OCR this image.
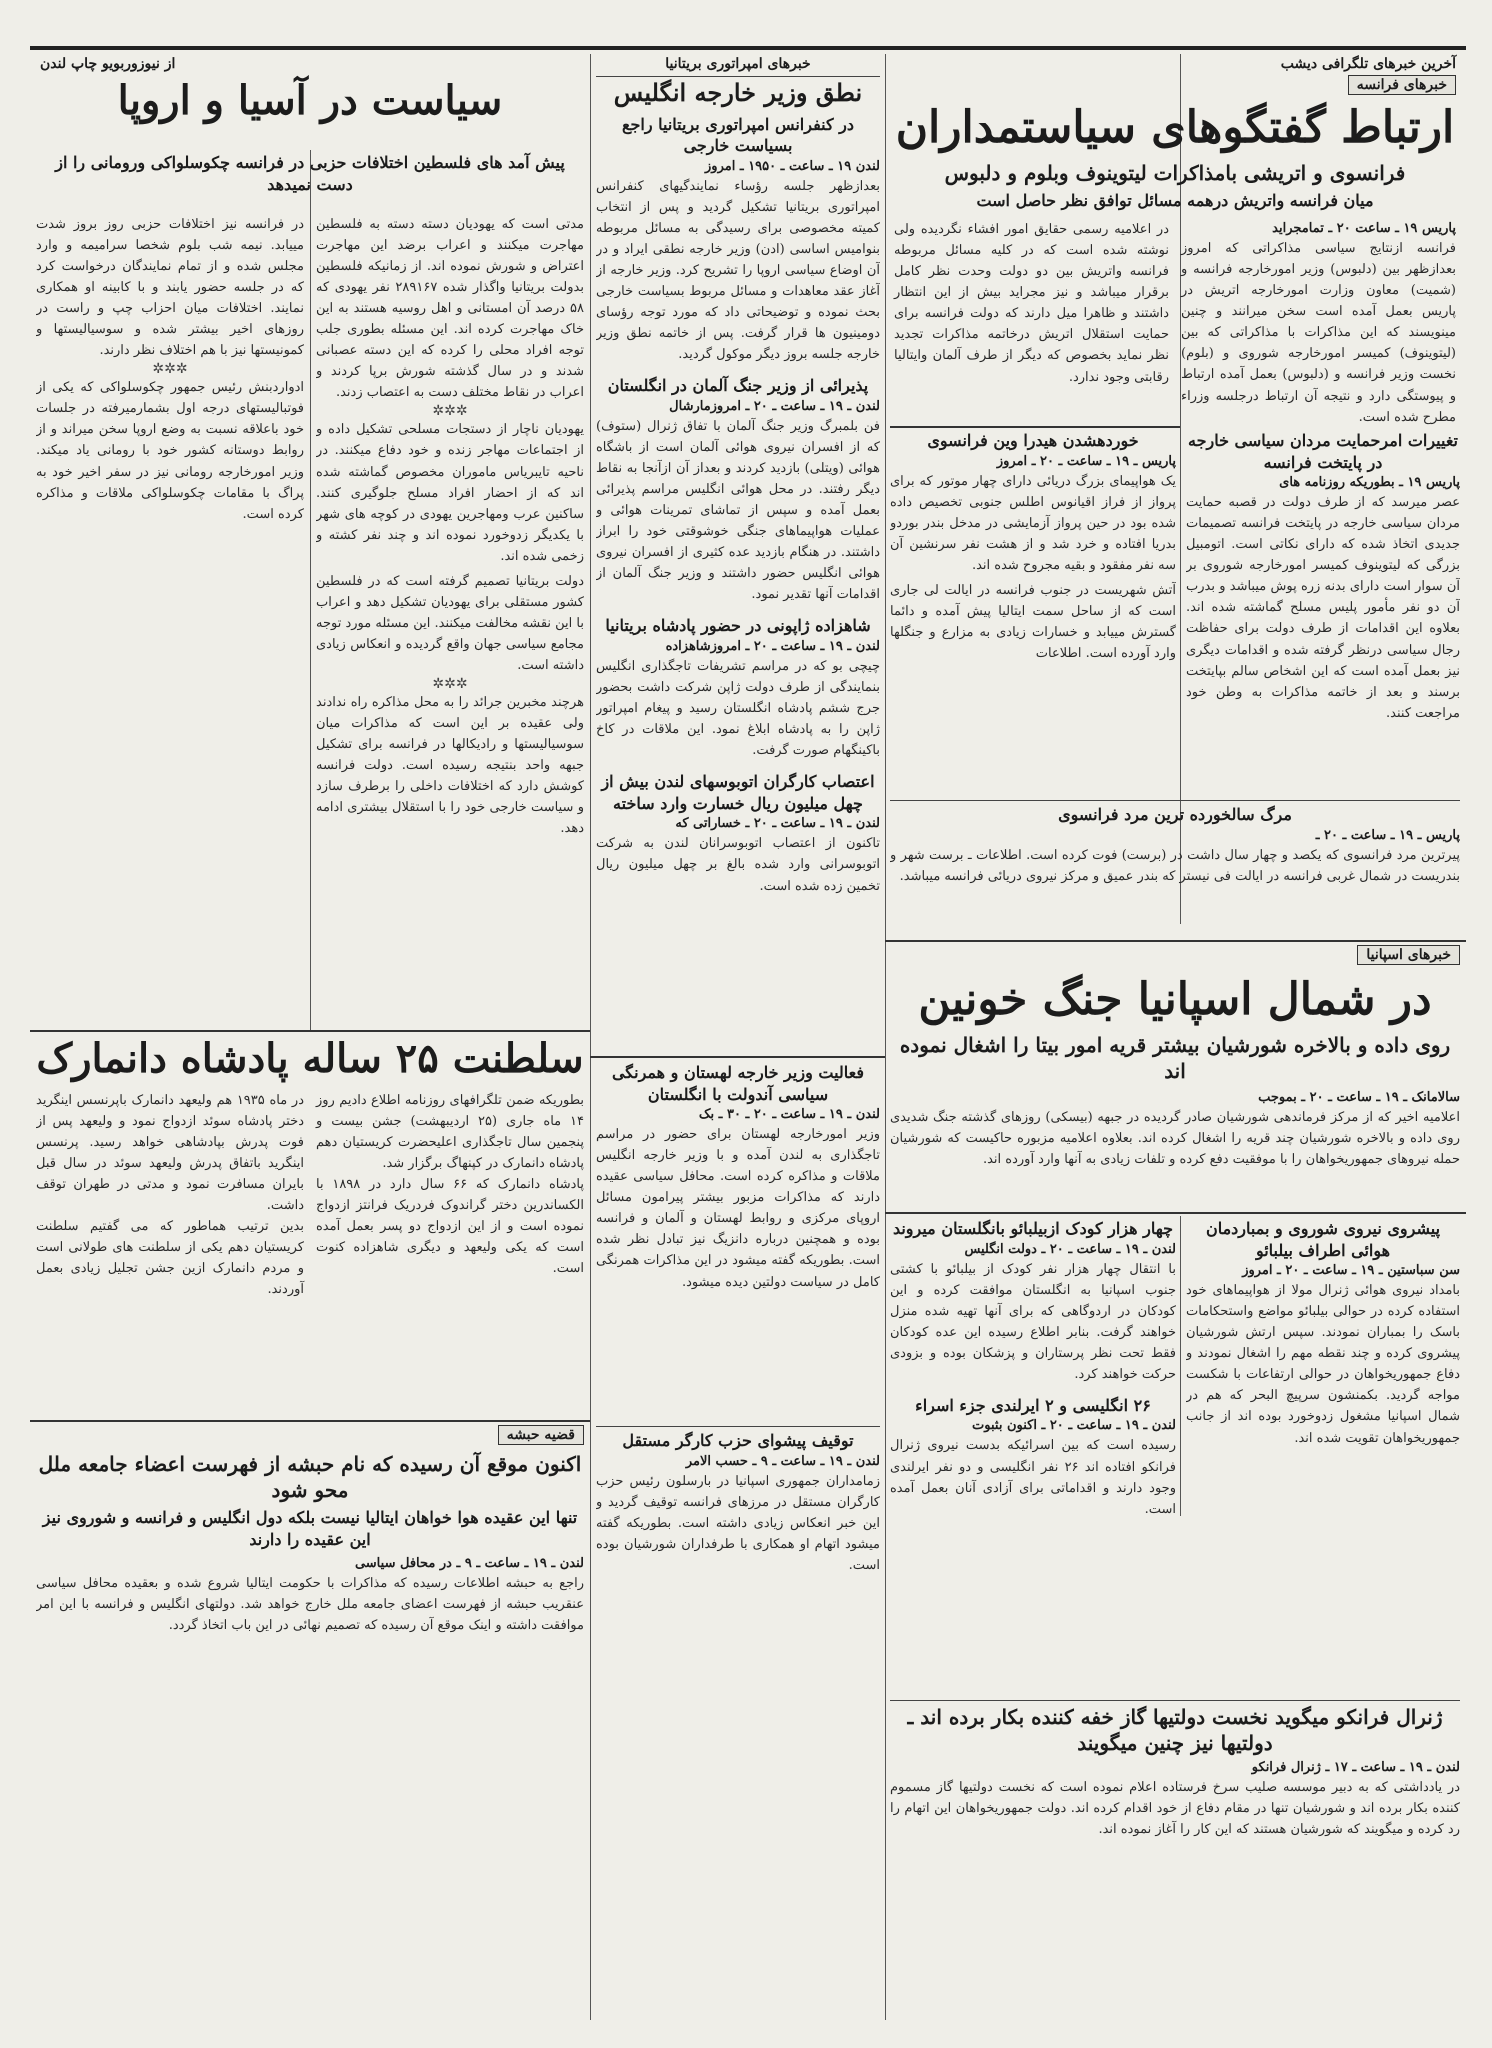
آخرین خبرهای تلگرافی دیشب
خبرهای فرانسه
ارتباط گفتگوهای سیاستمداران
فرانسوی و اتریشی بامذاکرات لیتوینوف وبلوم و دلبوس
میان فرانسه واتریش درهمه مسائل توافق نظر حاصل است
پاریس ۱۹ ـ ساعت ۲۰ ـ تمامجراید
فرانسه ازنتایج سیاسی مذاکراتی که امروز بعدازظهر بین (دلبوس) وزیر امورخارجه فرانسه و (شمیت) معاون وزارت امورخارجه اتریش در پاریس بعمل آمده است سخن میرانند و چنین مینویسند که این مذاکرات با مذاکراتی که بین (لیتوینوف) کمیسر امورخارجه شوروی و (بلوم) نخست وزیر فرانسه و (دلبوس) بعمل آمده ارتباط و پیوستگی دارد و نتیجه آن ارتباط درجلسه وزراء مطرح شده است.
در اعلامیه رسمی حقایق امور افشاء نگردیده ولی نوشته شده است که در کلیه مسائل مربوطه فرانسه واتریش بین دو دولت وحدت نظر کامل برقرار میباشد و نیز مجراید بیش از این انتظار داشتند و ظاهرا میل دارند که دولت فرانسه برای حمایت استقلال اتریش درخاتمه مذاکرات تجدید نظر نماید بخصوص که دیگر از طرف آلمان وایتالیا رقابتی وجود ندارد.
تغییرات امرحمایت مردان سیاسی خارجه در پایتخت فرانسه
پاریس ۱۹ ـ بطوریکه روزنامه های
عصر میرسد که از طرف دولت در قصبه حمایت مردان سیاسی خارجه در پایتخت فرانسه تصمیمات جدیدی اتخاذ شده که دارای نکاتی است. اتومبیل بزرگی که لیتوینوف کمیسر امورخارجه شوروی بر آن سوار است دارای بدنه زره پوش میباشد و بدرب آن دو نفر مأمور پلیس مسلح گماشته شده اند. بعلاوه این اقدامات از طرف دولت برای حفاظت رجال سیاسی درنظر گرفته شده و اقدامات دیگری نیز بعمل آمده است که این اشخاص سالم بپایتخت برسند و بعد از خاتمه مذاکرات به وطن خود مراجعت کنند.
خوردهشدن هیدرا وین فرانسوی
پاریس ـ ۱۹ ـ ساعت ـ ۲۰ ـ امروز
یک هواپیمای بزرگ دریائی دارای چهار موتور که برای پرواز از فراز اقیانوس اطلس جنوبی تخصیص داده شده بود در حین پرواز آزمایشی در مدخل بندر بوردو بدریا افتاده و خرد شد و از هشت نفر سرنشین آن سه نفر مفقود و بقیه مجروح شده اند.
آتش شهریست در جنوب فرانسه در ایالت لی جاری است که از ساحل سمت ایتالیا پیش آمده و دائما گسترش مییابد و خسارات زیادی به مزارع و جنگلها وارد آورده است. اطلاعات
مرگ سالخورده ترین مرد فرانسوی
پاریس ـ ۱۹ ـ ساعت ـ ۲۰ ـ
پیرترین مرد فرانسوی که یکصد و چهار سال داشت در (برست) فوت کرده است. اطلاعات ـ برست شهر و بندریست در شمال غربی فرانسه در ایالت فی نیستر که بندر عمیق و مرکز نیروی دریائی فرانسه میباشد.
خبرهای اسپانیا
در شمال اسپانیا جنگ خونین
روی داده و بالاخره شورشیان بیشتر قریه امور بیتا را اشغال نموده اند
سالامانک ـ ۱۹ ـ ساعت ـ ۲۰ ـ بموجب
اعلامیه اخیر که از مرکز فرماندهی شورشیان صادر گردیده در جبهه (بیسکی) روزهای گذشته جنگ شدیدی روی داده و بالاخره شورشیان چند قریه را اشغال کرده اند. بعلاوه اعلامیه مزبوره حاکیست که شورشیان حمله نیروهای جمهوریخواهان را با موفقیت دفع کرده و تلفات زیادی به آنها وارد آورده اند.
پیشروی نیروی شوروی و بمباردمان هوائی اطراف بیلبائو
سن سباستین ـ ۱۹ ـ ساعت ـ ۲۰ ـ امروز
بامداد نیروی هوائی ژنرال مولا از هواپیماهای خود استفاده کرده در حوالی بیلبائو مواضع واستحکامات باسک را بمباران نمودند. سپس ارتش شورشیان پیشروی کرده و چند نقطه مهم را اشغال نمودند و دفاع جمهوریخواهان در حوالی ارتفاعات با شکست مواجه گردید. بکمنشون سرپیچ البحر که هم در شمال اسپانیا مشغول زدوخورد بوده اند از جانب جمهوریخواهان تقویت شده اند.
چهار هزار کودک ازبیلبائو بانگلستان میروند
لندن ـ ۱۹ ـ ساعت ـ ۲۰ ـ دولت انگلیس
با انتقال چهار هزار نفر کودک از بیلبائو با کشتی جنوب اسپانیا به انگلستان موافقت کرده و این کودکان در اردوگاهی که برای آنها تهیه شده منزل خواهند گرفت. بنابر اطلاع رسیده این عده کودکان فقط تحت نظر پرستاران و پزشکان بوده و بزودی حرکت خواهند کرد.
۲۶ انگلیسی و ۲ ایرلندی جزء اسراء
لندن ـ ۱۹ ـ ساعت ـ ۲۰ ـ اکنون بثبوت
رسیده است که بین اسرائیکه بدست نیروی ژنرال فرانکو افتاده اند ۲۶ نفر انگلیسی و دو نفر ایرلندی وجود دارند و اقداماتی برای آزادی آنان بعمل آمده است.
ژنرال فرانکو میگوید نخست دولتیها گاز خفه کننده بکار برده اند ـ دولتیها نیز چنین میگویند
لندن ـ ۱۹ ـ ساعت ـ ۱۷ ـ ژنرال فرانکو
در یادداشتی که به دبیر موسسه صلیب سرخ فرستاده اعلام نموده است که نخست دولتیها گاز مسموم کننده بکار برده اند و شورشیان تنها در مقام دفاع از خود اقدام کرده اند. دولت جمهوریخواهان این اتهام را رد کرده و میگویند که شورشیان هستند که این کار را آغاز نموده اند.
خبرهای امپراتوری بریتانیا
نطق وزیر خارجه انگلیس
در کنفرانس امپراتوری بریتانیا راجع بسیاست خارجی
لندن ۱۹ ـ ساعت ـ ۱۹۵۰ ـ امروز
بعدازظهر جلسه رؤساء نمایندگیهای کنفرانس امپراتوری بریتانیا تشکیل گردید و پس از انتخاب کمیته مخصوصی برای رسیدگی به مسائل مربوطه بنوامیس اساسی (ادن) وزیر خارجه نطقی ایراد و در آن اوضاع سیاسی اروپا را تشریح کرد. وزیر خارجه از آغاز عقد معاهدات و مسائل مربوط بسیاست خارجی بحث نموده و توضیحاتی داد که مورد توجه رؤسای دومینیون ها قرار گرفت. پس از خاتمه نطق وزیر خارجه جلسه بروز دیگر موکول گردید.
پذیرائی از وزیر جنگ آلمان در انگلستان
لندن ـ ۱۹ ـ ساعت ـ ۲۰ ـ امروزمارشال
فن بلمبرگ وزیر جنگ آلمان با تفاق ژنرال (ستوف) که از افسران نیروی هوائی آلمان است از باشگاه هوائی (ویتلی) بازدید کردند و بعداز آن ازآنجا به نقاط دیگر رفتند. در محل هوائی انگلیس مراسم پذیرائی بعمل آمده و سپس از تماشای تمرینات هوائی و عملیات هواپیماهای جنگی خوشوقتی خود را ابراز داشتند. در هنگام بازدید عده کثیری از افسران نیروی هوائی انگلیس حضور داشتند و وزیر جنگ آلمان از اقدامات آنها تقدیر نمود.
شاهزاده ژاپونی در حضور پادشاه بریتانیا
لندن ـ ۱۹ ـ ساعت ـ ۲۰ ـ امروزشاهزاده
چیچی بو که در مراسم تشریفات تاجگذاری انگلیس بنمایندگی از طرف دولت ژاپن شرکت داشت بحضور جرج ششم پادشاه انگلستان رسید و پیغام امپراتور ژاپن را به پادشاه ابلاغ نمود. این ملاقات در کاخ باکینگهام صورت گرفت.
اعتصاب کارگران اتوبوسهای لندن بیش از چهل میلیون ریال خسارت وارد ساخته
لندن ـ ۱۹ ـ ساعت ـ ۲۰ ـ خساراتی که
تاکنون از اعتصاب اتوبوسرانان لندن به شرکت اتوبوسرانی وارد شده بالغ بر چهل میلیون ریال تخمین زده شده است.
فعالیت وزیر خارجه لهستان و همرنگی سیاسی آندولت با انگلستان
لندن ـ ۱۹ ـ ساعت ـ ۲۰ ـ ۳۰ ـ بک
وزیر امورخارجه لهستان برای حضور در مراسم تاجگذاری به لندن آمده و با وزیر خارجه انگلیس ملاقات و مذاکره کرده است. محافل سیاسی عقیده دارند که مذاکرات مزبور بیشتر پیرامون مسائل اروپای مرکزی و روابط لهستان و آلمان و فرانسه بوده و همچنین درباره دانزیگ نیز تبادل نظر شده است. بطوریکه گفته میشود در این مذاکرات همرنگی کامل در سیاست دولتین دیده میشود.
توقیف پیشوای حزب کارگر مستقل
لندن ـ ۱۹ ـ ساعت ـ ۹ ـ حسب الامر
زمامداران جمهوری اسپانیا در بارسلون رئیس حزب کارگران مستقل در مرزهای فرانسه توقیف گردید و این خبر انعکاس زیادی داشته است. بطوریکه گفته میشود اتهام او همکاری با طرفداران شورشیان بوده است.
از نیوزوربویو چاپ لندن
سیاست در آسیا و اروپا
پیش آمد های فلسطین اختلافات حزبی در فرانسه چکوسلواکی ورومانی را از دست نمیدهد
مدتی است که یهودیان دسته دسته به فلسطین مهاجرت میکنند و اعراب برضد این مهاجرت اعتراض و شورش نموده اند. از زمانیکه فلسطین بدولت بریتانیا واگذار شده ۲۸۹۱۶۷ نفر یهودی که ۵۸ درصد آن امستانی و اهل روسیه هستند به این خاک مهاجرت کرده اند. این مسئله بطوری جلب توجه افراد محلی را کرده که این دسته عصبانی شدند و در سال گذشته شورش برپا کردند و اعراب در نقاط مختلف دست به اعتصاب زدند.
✲✲✲
یهودیان ناچار از دستجات مسلحی تشکیل داده و از اجتماعات مهاجر زنده و خود دفاع میکنند. در ناحیه تایبریاس ماموران مخصوص گماشته شده اند که از احضار افراد مسلح جلوگیری کنند. ساکنین عرب ومهاجرین یهودی در کوچه های شهر با یکدیگر زدوخورد نموده اند و چند نفر کشته و زخمی شده اند.
دولت بریتانیا تصمیم گرفته است که در فلسطین کشور مستقلی برای یهودیان تشکیل دهد و اعراب با این نقشه مخالفت میکنند. این مسئله مورد توجه مجامع سیاسی جهان واقع گردیده و انعکاس زیادی داشته است.
✲✲✲
هرچند مخبرین جرائد را به محل مذاکره راه ندادند ولی عقیده بر این است که مذاکرات میان سوسیالیستها و رادیکالها در فرانسه برای تشکیل جبهه واحد بنتیجه رسیده است. دولت فرانسه کوشش دارد که اختلافات داخلی را برطرف سازد و سیاست خارجی خود را با استقلال بیشتری ادامه دهد.
در فرانسه نیز اختلافات حزبی روز بروز شدت مییابد. نیمه شب بلوم شخصا سرامیمه و وارد مجلس شده و از تمام نمایندگان درخواست کرد که در جلسه حضور یابند و با کابینه او همکاری نمایند. اختلافات میان احزاب چپ و راست در روزهای اخیر بیشتر شده و سوسیالیستها و کمونیستها نیز با هم اختلاف نظر دارند.
✲✲✲
ادواردبنش رئیس جمهور چکوسلواکی که یکی از فوتبالیستهای درجه اول بشمارمیرفته در جلسات خود باعلاقه نسبت به وضع اروپا سخن میراند و از روابط دوستانه کشور خود با رومانی یاد میکند. وزیر امورخارجه رومانی نیز در سفر اخیر خود به پراگ با مقامات چکوسلواکی ملاقات و مذاکره کرده است.
سلطنت ۲۵ ساله پادشاه دانمارک
بطوریکه ضمن تلگرافهای روزنامه اطلاع دادیم روز ۱۴ ماه جاری (۲۵ اردیبهشت) جشن بیست و پنجمین سال تاجگذاری اعلیحضرت کریستیان دهم پادشاه دانمارک در کپنهاگ برگزار شد.
پادشاه دانمارک که ۶۶ سال دارد در ۱۸۹۸ با الکساندرین دختر گراندوک فردریک فرانتز ازدواج نموده است و از این ازدواج دو پسر بعمل آمده است که یکی ولیعهد و دیگری شاهزاده کنوت است.
در ماه ۱۹۳۵ هم ولیعهد دانمارک باپرنسس اینگرید دختر پادشاه سوئد ازدواج نمود و ولیعهد پس از فوت پدرش بپادشاهی خواهد رسید. پرنسس اینگرید باتفاق پدرش ولیعهد سوئد در سال قبل بایران مسافرت نمود و مدتی در طهران توقف داشت.
بدین ترتیب هماطور که می گفتیم سلطنت کریستیان دهم یکی از سلطنت های طولانی است و مردم دانمارک ازین جشن تجلیل زیادی بعمل آوردند.
قضیه حبشه
اکنون موقع آن رسیده که نام حبشه از فهرست اعضاء جامعه ملل محو شود
تنها این عقیده هوا خواهان ایتالیا نیست بلکه دول انگلیس و فرانسه و شوروی نیز این عقیده را دارند
لندن ـ ۱۹ ـ ساعت ـ ۹ ـ در محافل سیاسی
راجع به حبشه اطلاعات رسیده که مذاکرات با حکومت ایتالیا شروع شده و بعقیده محافل سیاسی عنقریب حبشه از فهرست اعضای جامعه ملل خارج خواهد شد. دولتهای انگلیس و فرانسه با این امر موافقت داشته و اینک موقع آن رسیده که تصمیم نهائی در این باب اتخاذ گردد.
